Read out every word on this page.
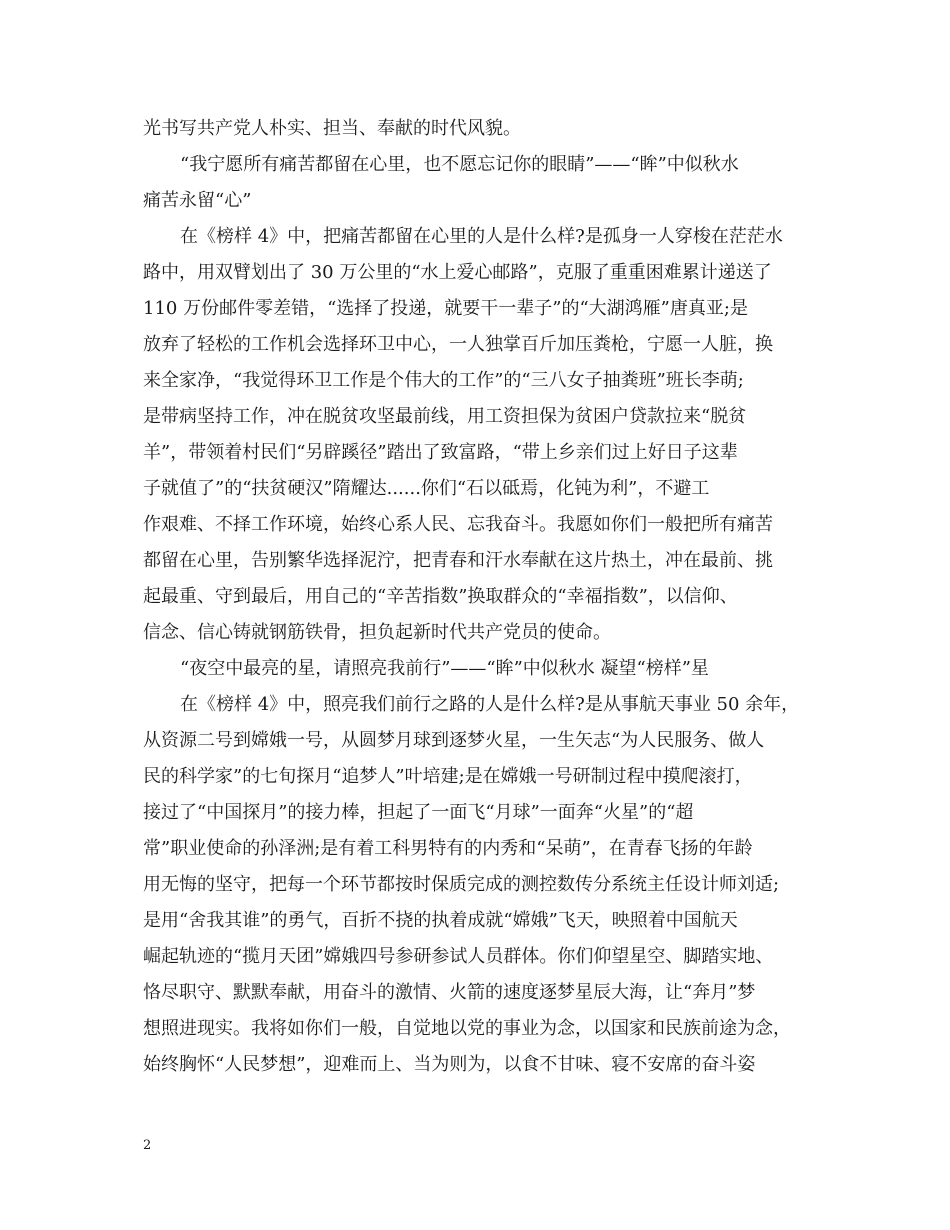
光书写共产党人朴实、担当、奉献的时代风貌。
“我宁愿所有痛苦都留在心里，也不愿忘记你的眼睛”——“眸”中似秋水
痛苦永留“心”
在《榜样 4》中，把痛苦都留在心里的人是什么样?是孤身一人穿梭在茫茫水
路中，用双臂划出了 30 万公里的“水上爱心邮路”，克服了重重困难累计递送了
110 万份邮件零差错，“选择了投递，就要干一辈子”的“大湖鸿雁”唐真亚;是
放弃了轻松的工作机会选择环卫中心，一人独掌百斤加压粪枪，宁愿一人脏，换
来全家净，“我觉得环卫工作是个伟大的工作”的“三八女子抽粪班”班长李萌;
是带病坚持工作，冲在脱贫攻坚最前线，用工资担保为贫困户贷款拉来“脱贫
羊”，带领着村民们“另辟蹊径”踏出了致富路，“带上乡亲们过上好日子这辈
子就值了”的“扶贫硬汉”隋耀达......你们“石以砥焉，化钝为利”，不避工
作艰难、不择工作环境，始终心系人民、忘我奋斗。我愿如你们一般把所有痛苦
都留在心里，告别繁华选择泥泞，把青春和汗水奉献在这片热土，冲在最前、挑
起最重、守到最后，用自己的“辛苦指数”换取群众的“幸福指数”，以信仰、
信念、信心铸就钢筋铁骨，担负起新时代共产党员的使命。
“夜空中最亮的星，请照亮我前行”——“眸”中似秋水 凝望“榜样”星
在《榜样 4》中，照亮我们前行之路的人是什么样?是从事航天事业 50 余年，
从资源二号到嫦娥一号，从圆梦月球到逐梦火星，一生矢志“为人民服务、做人
民的科学家”的七旬探月“追梦人”叶培建;是在嫦娥一号研制过程中摸爬滚打，
接过了“中国探月”的接力棒，担起了一面飞“月球”一面奔“火星”的“超
常”职业使命的孙泽洲;是有着工科男特有的内秀和“呆萌”，在青春飞扬的年龄
用无悔的坚守，把每一个环节都按时保质完成的测控数传分系统主任设计师刘适;
是用“舍我其谁”的勇气，百折不挠的执着成就“嫦娥”飞天，映照着中国航天
崛起轨迹的“揽月天团”嫦娥四号参研参试人员群体。你们仰望星空、脚踏实地、
恪尽职守、默默奉献，用奋斗的激情、火箭的速度逐梦星辰大海，让“奔月”梦
想照进现实。我将如你们一般，自觉地以党的事业为念，以国家和民族前途为念，
始终胸怀“人民梦想”，迎难而上、当为则为，以食不甘味、寝不安席的奋斗姿
2
